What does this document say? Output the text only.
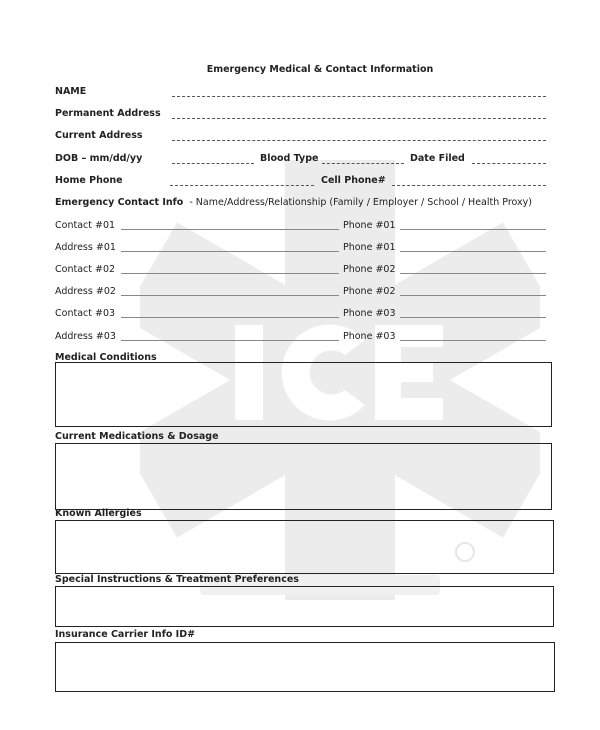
Emergency Medical & Contact Information
NAME
Permanent Address
Current Address
DOB – mm/dd/yy	Blood Type	Date Filed
Home Phone	Cell Phone#
Emergency Contact Info - Name/Address/Relationship (Family / Employer / School / Health Proxy)
Contact #01	Phone #01
Address #01	Phone #01
Contact #02	Phone #02
Address #02	Phone #02
Contact #03	Phone #03
Address #03	Phone #03
Medical Conditions
Current Medications & Dosage
Known Allergies
Special Instructions & Treatment Preferences
Insurance Carrier Info ID#
